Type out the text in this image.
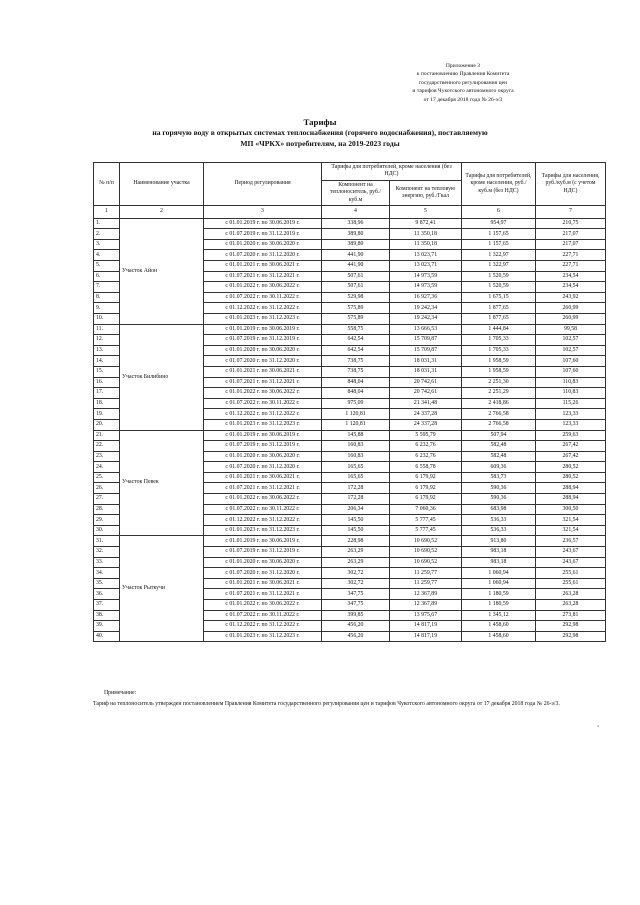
Приложение 3
к постановлению Правления Комитета
государственного регулирования цен
и тарифов Чукотского автономного округа
от 17 декабря 2018 года № 26-э/3
Тарифы
на горячую воду в открытых системах теплоснабжения (горячего водоснабжения), поставляемую
МП «ЧРКХ» потребителям, на 2019-2023 годы
№ п/п	Наименование участка	Период регулирования	Тарифы для потребителей, кроме населения (без НДС)		Тарифы для потребителей, кроме населения, руб./куб.м (без НДС)	Тарифы для населения, руб./куб.м (с учетом НДС)
			Компонент на теплоноситель, руб./куб.м	Компонент на тепловую энергию, руб./Гкал		
1	2	3	4	5	6	7
1.	Участок Айон	с 01.01.2019 г. по 30.06.2019 г.	338,96	9 872,41	954,97	210,75
2.		с 01.07.2019 г. по 31.12.2019 г.	389,80	11 350,18	1 157,65	217,07
3.		с 01.01.2020 г. по 30.06.2020 г.	389,80	11 350,18	1 157,65	217,07
4.		с 01.07.2020 г. по 31.12.2020 г.	441,90	13 023,71	1 322,97	227,71
5.		с 01.01.2021 г. по 30.06.2021 г.	441,90	13 023,71	1 322,97	227,71
6.		с 01.07.2021 г. по 31.12.2021 г.	507,61	14 973,59	1 520,59	234,54
7.		с 01.01.2022 г. по 30.06.2022 г.	507,61	14 973,59	1 520,59	234,54
8.		с 01.07.2022 г. по 30.11.2022 г.	529,98	16 927,36	1 675,15	243,92
9.		с 01.12.2022 г. по 31.12.2022 г.	575,89	19 242,34	1 877,65	260,99
10.		с 01.01.2023 г. по 31.12.2023 г.	575,89	19 242,34	1 877,65	260,99
11.	Участок Билибино	с 01.01.2019 г. по 30.06.2019 г.	558,75	13 666,53	1 444,84	99,58
12.		с 01.07.2019 г. по 31.12.2019 г.	642,54	15 709,87	1 705,33	102,57
13.		с 01.01.2020 г. по 30.06.2020 г.	642,54	15 709,87	1 705,33	102,57
14.		с 01.07.2020 г. по 31.12.2020 г.	738,75	18 031,31	1 958,59	107,60
15.		с 01.01.2021 г. по 30.06.2021 г.	738,75	18 031,31	1 958,59	107,60
16.		с 01.07.2021 г. по 31.12.2021 г.	848,04	20 742,61	2 251,30	110,83
17.		с 01.01.2022 г. по 30.06.2022 г.	848,04	20 742,61	2 251,29	110,83
18.		с 01.07.2022 г. по 30.11.2022 г.	975,09	21 341,48	2 418,86	115,26
19.		с 01.12.2022 г. по 31.12.2022 г.	1 120,81	24 337,28	2 766,58	123,33
20.		с 01.01.2023 г. по 31.12.2023 г.	1 120,81	24 337,28	2 766,58	123,33
21.	Участок Певек	с 01.01.2019 г. по 30.06.2019 г.	145,88	5 595,79	507,94	259,63
22.		с 01.07.2019 г. по 31.12.2019 г.	160,83	6 232,76	582,48	267,42
23.		с 01.01.2020 г. по 30.06.2020 г.	160,83	6 232,76	582,48	267,42
24.		с 01.07.2020 г. по 31.12.2020 г.	165,65	6 558,78	609,36	280,52
25.		с 01.01.2021 г. по 30.06.2021 г.	165,65	6 179,92	583,73	280,52
26.		с 01.07.2021 г. по 31.12.2021 г.	172,28	6 179,92	590,36	288,94
27.		с 01.01.2022 г. по 30.06.2022 г.	172,28	6 179,92	590,36	288,94
28.		с 01.07.2022 г. по 30.11.2022 г.	206,34	7 060,36	683,98	300,50
29.		с 01.12.2022 г. по 31.12.2022 г.	145,50	5 777,45	536,33	321,54
30.		с 01.01.2023 г. по 31.12.2023 г.	145,50	5 777,45	536,33	321,54
31.	Участок Рыткучи	с 01.01.2019 г. по 30.06.2019 г.	228,98	10 690,52	913,80	236,57
32.		с 01.07.2019 г. по 31.12.2019 г.	263,29	10 690,52	983,18	243,67
33.		с 01.01.2020 г. по 30.06.2020 г.	263,29	10 690,52	983,18	243,67
34.		с 01.07.2020 г. по 31.12.2020 г.	302,72	11 259,77	1 060,94	255,61
35.		с 01.01.2021 г. по 30.06.2021 г.	302,72	11 259,77	1 060,94	255,61
36.		с 01.07.2021 г. по 31.12.2021 г.	347,75	12 367,89	1 180,59	263,28
37.		с 01.01.2022 г. по 30.06.2022 г.	347,75	12 367,89	1 180,59	263,28
38.		с 01.07.2022 г. по 30.11.2022 г.	399,85	13 975,67	1 345,12	273,81
39.		с 01.12.2022 г. по 31.12.2022 г.	456,20	14 817,19	1 458,60	292,98
40.		с 01.01.2023 г. по 31.12.2023 г.	456,20	14 817,19	1 458,60	292,98
Примечание:
Тариф на теплоноситель утвержден постановлением Правления Комитета государственного регулирования цен и тарифов Чукотского автономного округа от 17 декабря 2018 года № 26-э/3.
4
